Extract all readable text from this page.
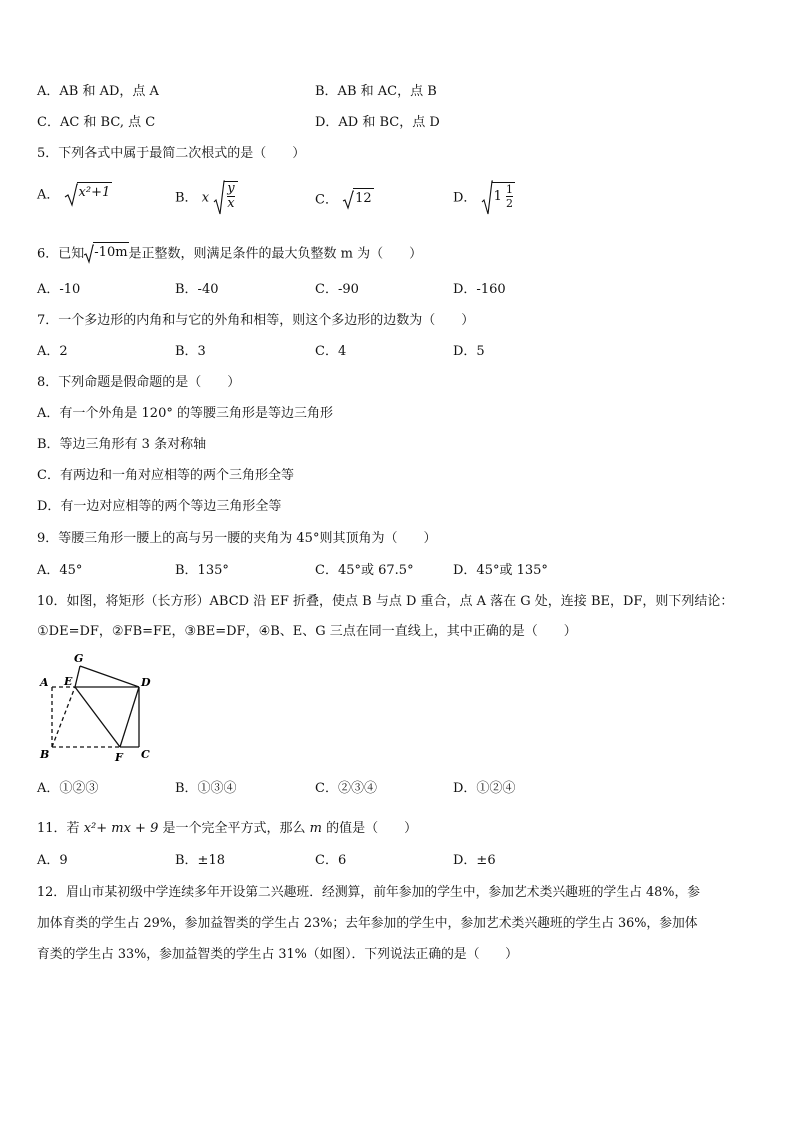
A．AB 和 AD，点 A	B．AB 和 AC，点 B
C．AC 和 BC, 点 C	D．AD 和 BC，点 D
5．下列各式中属于最简二次根式的是（　　）
A． x²+1	B． x $\frac{y}{x}$	C． 12	D． $1 \frac{1}{2}$
6．已知 -10m是正整数，则满足条件的最大负整数 m 为（　　）
A．-10	B．-40	C．-90	D．-160
7．一个多边形的内角和与它的外角和相等，则这个多边形的边数为（　　）
A．2	B．3	C．4	D．5
8．下列命题是假命题的是（　　）
A．有一个外角是 120° 的等腰三角形是等边三角形
B．等边三角形有 3 条对称轴
C．有两边和一角对应相等的两个三角形全等
D．有一边对应相等的两个等边三角形全等
9．等腰三角形一腰上的高与另一腰的夹角为 45°则其顶角为（　　）
A．45°	B．135°	C．45°或 67.5°	D．45°或 135°
10．如图，将矩形（长方形）ABCD 沿 EF 折叠，使点 B 与点 D 重合，点 A 落在 G 处，连接 BE，DF，则下列结论：
①DE=DF，②FB=FE，③BE=DF，④B、E、G 三点在同一直线上，其中正确的是（　　）
G
A E	D
B	F C
A．①②③	B．①③④	C．②③④	D．①②④
11．若 x²+ mx + 9 是一个完全平方式，那么 m 的值是（　　）
A．9	B．±18	C．6	D．±6
12．眉山市某初级中学连续多年开设第二兴趣班．经测算，前年参加的学生中，参加艺术类兴趣班的学生占 48%，参
加体育类的学生占 29%，参加益智类的学生占 23%；去年参加的学生中，参加艺术类兴趣班的学生占 36%，参加体
育类的学生占 33%，参加益智类的学生占 31%（如图）．下列说法正确的是（　　）
